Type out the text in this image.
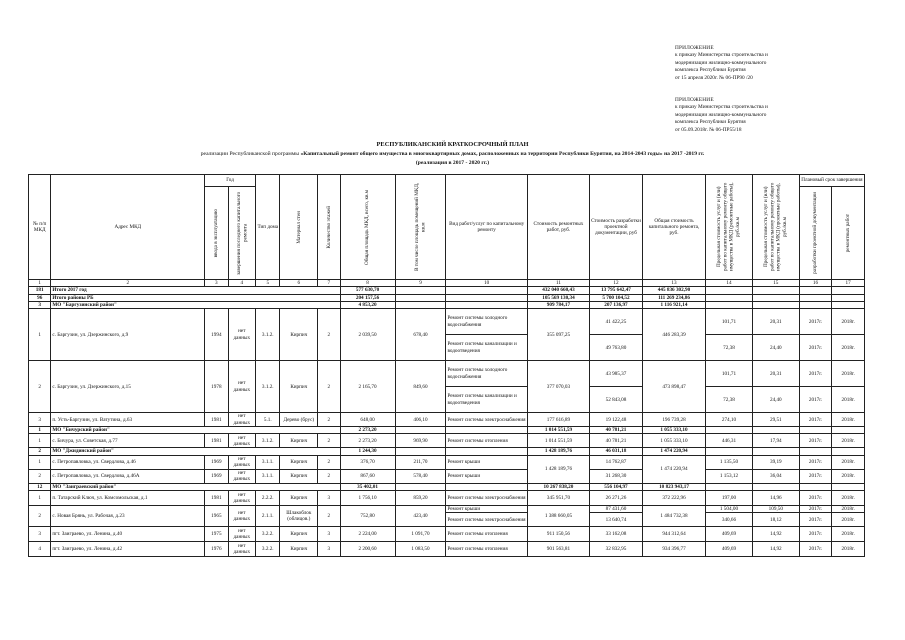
ПРИЛОЖЕНИЕ
к приказу Министерства строительства и
модернизации жилищно-коммунального
комплекса Республики Бурятия
от 15 апреля 2020г. № 06-ПР90 /20
ПРИЛОЖЕНИЕ
к приказу Министерства строительства и
модернизации жилищно-коммунального
комплекса Республики Бурятия
от 05.09.2018г. № 06-ПР55/18
РЕСПУБЛИКАНСКИЙ КРАТКОСРОЧНЫЙ ПЛАН
реализации Республиканской программы «Капитальный ремонт общего имущества в многоквартирных домах, расположенных на территории Республики Бурятия, на 2014-2043 годы» на 2017 -2019 гг.
(реализация в 2017 - 2020 гг.)
№ п/п МКД	Адрес МКД	Год		Тип дома	Материал стен	Количество этажей	Общая площадь МКД, всего, кв.м	В том числе площадь помещений МКД, кв.м	Вид работ/услуг по капитальному ремонту	Стоимость ремонтных работ, руб.	Стоимость разработки проектной документации, руб	Общая стоимость капитального ремонта, руб.	Предельная стоимость услуг и (или) работ по капитальному ремонту общего имущества в МКД (ремонтные работы), руб./кв.м	Предельная стоимость услуг и (или) работ по капитальному ремонту общего имущества в МКД (проектные работы), руб./кв.м	Плановый срок завершения	

		ввода в эксплуатацию	завершения последнего капитального ремонта												разработки проектной документации	ремонтных работ

1	2	3	4	5	6	7	8	9	10	11	12	13	14	15	16	17
181	Итого 2017 год						577 630,70			432 040 660,43	13 795 642,47	445 836 302,90				
96	Итого районы РБ						204 157,56			105 569 130,34	5 700 104,52	111 269 234,86				
3	МО "Баргузинский район"						4 853,20			909 784,17	207 136,97	1 116 921,14				
1	с. Баргузин, ул. Дзержинского, д.9	1994	нет данных	3.1.2.	Кирпич	2	2 039,50	678,40	Ремонт системы холодного водоснабжения	355 097,25	41 422,25	446 283,39	101,71	20,31	2017г.	2018г.
									Ремонт системы канализации и водоотведения		49 763,80		72,38	24,40	2017г.	2018г.
2	с. Баргузин, ул. Дзержинского, д.15	1978	нет данных	3.1.2.	Кирпич	2	2 165,70	849,60	Ремонт системы холодного водоснабжения	377 070,03	43 985,37	473 898,47	101,71	20,31	2017г.	2018г.
									Ремонт системы канализации и водоотведения		52 843,08		72,38	24,40	2017г.	2018г.
3	п. Усть-Баргузин, ул. Ватутина, д.63	1981	нет данных	5.1.	Дерево (брус)	2	648,00	406,10	Ремонт системы электроснабжения	177 616,89	19 122,48	196 739,28	274,10	29,51	2017г.	2018г.
1	МО "Бичурский район"						2 273,20			1 014 551,59	40 781,21	1 055 333,10				
1	с. Бичура, ул. Советская, д.77	1981	нет данных	3.1.2.	Кирпич	2	2 273,20	969,90	Ремонт системы отопления	1 014 551,59	40 781,21	1 055 333,10	446,31	17,94	2017г.	2018г.
2	МО "Джидинский район"						1 244,30			1 428 189,76	46 031,18	1 474 220,94				
1	с. Петропавловка, ул. Свердлова, д.46	1969	нет данных	3.1.1.	Кирпич	2	376,70	211,70	Ремонт крыши	1 428 189,76	14 762,87	1 474 220,94	1 135,50	39,19	2017г.	2018г.
2	с. Петропавловка, ул. Свердлова, д.46А	1969	нет данных	3.1.1.	Кирпич	2	867,60	578,40	Ремонт крыши		31 268,30		1 153,12	36,04	2017г.	2018г.
12	МО "Заиграевский район"						35 402,01			10 267 838,20	556 104,97	10 823 943,17				
1	п. Татарский Ключ, ул. Комсомольская, д.1	1981	нет данных	2.2.2.	Кирпич	3	1 756,10	859,20	Ремонт системы электроснабжения	345 951,70	26 271,26	372 222,96	197,00	14,96	2017г.	2018г.
2	с. Новая Брянь, ул. Рабочая, д.23	1965	нет данных	2.1.1.	Шлакоблок (облицов.)	2	752,80	423,40	Ремонт крыши	1 388 660,05	87 431,60	1 484 732,38	1 504,00	109,50	2017г.	2018г.
									Ремонт системы электроснабжения		13 640,74		340,66	18,12	2017г.	2018г.
3	пгт. Заиграево, ул. Ленина, д.40	1975	нет данных	3.2.2.	Кирпич	3	2 224,00	1 091,70	Ремонт системы отопления	911 150,56	33 162,08	944 312,64	409,69	14,92	2017г.	2018г.
4	пгт. Заиграево, ул. Ленина, д.42	1976	нет данных	3.2.2.	Кирпич	3	2 200,60	1 083,50	Ремонт системы отопления	901 563,81	32 832,95	934 396,77	409,69	14,92	2017г.	2018г.
